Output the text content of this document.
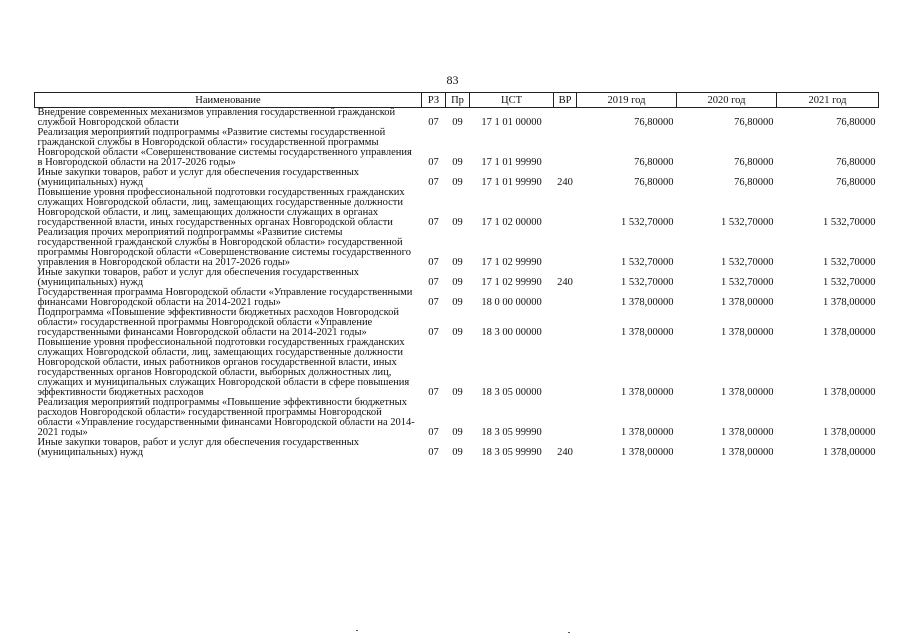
83
Наименование	РЗ	Пр	ЦСТ	ВР	2019 год	2020 год	2021 год
Внедрение современных механизмов управления государственной гражданской службой Новгородской области	07	09	17 1 01 00000		76,80000	76,80000	76,80000
Реализация мероприятий подпрограммы «Развитие системы государственной гражданской службы в Новгородской области» государственной программы Новгородской области «Совершенствование системы государственного управления в Новгородской области на 2017-2026 годы»	07	09	17 1 01 99990		76,80000	76,80000	76,80000
Иные закупки товаров, работ и услуг для обеспечения государственных (муниципальных) нужд	07	09	17 1 01 99990	240	76,80000	76,80000	76,80000
Повышение уровня профессиональной подготовки государственных гражданских служащих Новгородской области, лиц, замещающих государственные должности Новгородской области, и лиц, замещающих должности служащих в органах государственной власти, иных государственных органах Новгородской области	07	09	17 1 02 00000		1 532,70000	1 532,70000	1 532,70000
Реализация прочих мероприятий подпрограммы «Развитие системы государственной гражданской службы в Новгородской области» государственной программы Новгородской области «Совершенствование системы государственного управления в Новгородской области на 2017-2026 годы»	07	09	17 1 02 99990		1 532,70000	1 532,70000	1 532,70000
Иные закупки товаров, работ и услуг для обеспечения государственных (муниципальных) нужд	07	09	17 1 02 99990	240	1 532,70000	1 532,70000	1 532,70000
Государственная программа Новгородской области «Управление государственными финансами Новгородской области на 2014-2021 годы»	07	09	18 0 00 00000		1 378,00000	1 378,00000	1 378,00000
Подпрограмма «Повышение эффективности бюджетных расходов Новгородской области» государственной программы Новгородской области «Управление государственными финансами Новгородской области на 2014-2021 годы»	07	09	18 3 00 00000		1 378,00000	1 378,00000	1 378,00000
Повышение уровня профессиональной подготовки государственных гражданских служащих Новгородской области, лиц, замещающих государственные должности Новгородской области, иных работников органов государственной власти, иных государственных органов Новгородской области, выборных должностных лиц, служащих и муниципальных служащих Новгородской области в сфере повышения эффективности бюджетных расходов	07	09	18 3 05 00000		1 378,00000	1 378,00000	1 378,00000
Реализация мероприятий подпрограммы «Повышение эффективности бюджетных расходов Новгородской области» государственной программы Новгородской области «Управление государственными финансами Новгородской области на 2014-2021 годы»	07	09	18 3 05 99990		1 378,00000	1 378,00000	1 378,00000
Иные закупки товаров, работ и услуг для обеспечения государственных (муниципальных) нужд	07	09	18 3 05 99990	240	1 378,00000	1 378,00000	1 378,00000
